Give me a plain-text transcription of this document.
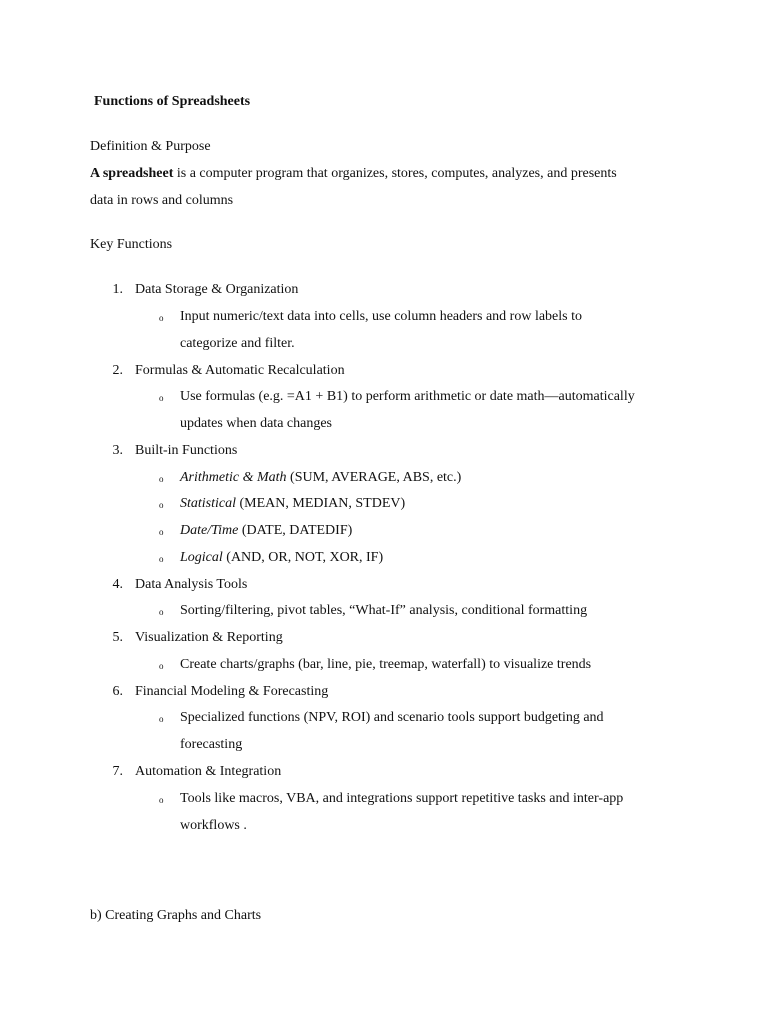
Functions of Spreadsheets
Definition & Purpose
A spreadsheet is a computer program that organizes, stores, computes, analyzes, and presents
data in rows and columns
Key Functions
1. Data Storage & Organization
o Input numeric/text data into cells, use column headers and row labels to
categorize and filter.
2. Formulas & Automatic Recalculation
o Use formulas (e.g. =A1 + B1) to perform arithmetic or date math—automatically
updates when data changes
3. Built-in Functions
o Arithmetic & Math (SUM, AVERAGE, ABS, etc.)
o Statistical (MEAN, MEDIAN, STDEV)
o Date/Time (DATE, DATEDIF)
o Logical (AND, OR, NOT, XOR, IF)
4. Data Analysis Tools
o Sorting/filtering, pivot tables, “What-If” analysis, conditional formatting
5. Visualization & Reporting
o Create charts/graphs (bar, line, pie, treemap, waterfall) to visualize trends
6. Financial Modeling & Forecasting
o Specialized functions (NPV, ROI) and scenario tools support budgeting and
forecasting
7. Automation & Integration
o Tools like macros, VBA, and integrations support repetitive tasks and inter-app
workflows .
b) Creating Graphs and Charts
